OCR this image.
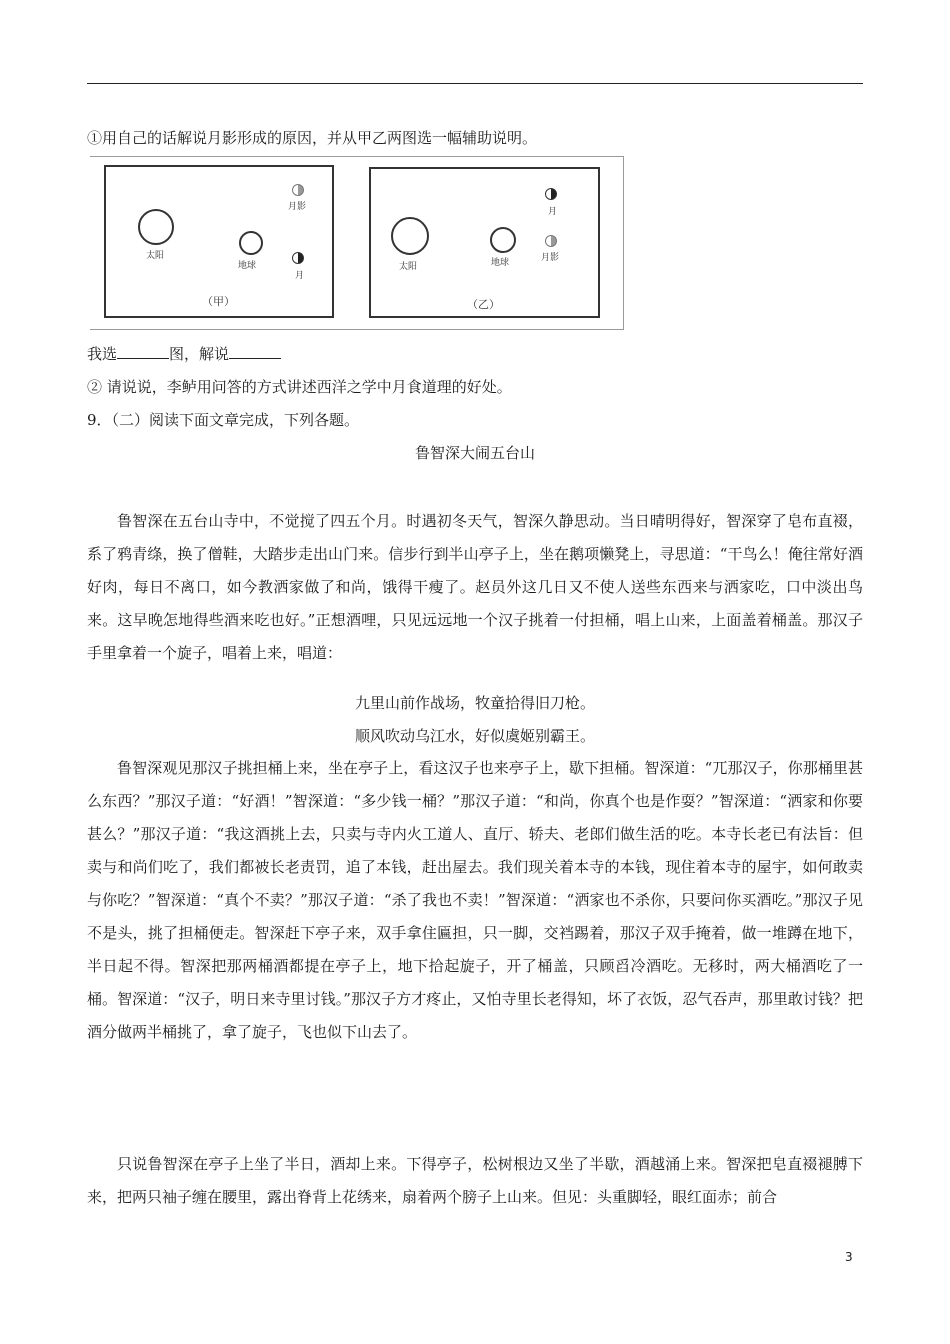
①用自己的话解说月影形成的原因，并从甲乙两图选一幅辅助说明。
太阳
地球
月影
月
（甲）
太阳	地球
月
月影
（乙）
我选	图，解说
② 请说说，李鲈用问答的方式讲述西洋之学中月食道理的好处。
9．（二）阅读下面文章完成，下列各题。
鲁智深大闹五台山

鲁智深在五台山寺中，不觉搅了四五个月。时遇初冬天气，智深久静思动。当日晴明得好，智深穿了皂布直裰，系了鸦青绦，换了僧鞋，大踏步走出山门来。信步行到半山亭子上，坐在鹅项懒凳上，寻思道：“干鸟么！俺往常好酒好肉，每日不离口，如今教洒家做了和尚，饿得干瘦了。赵员外这几日又不使人送些东西来与洒家吃，口中淡出鸟来。这早晚怎地得些酒来吃也好。”正想酒哩，只见远远地一个汉子挑着一付担桶，唱上山来，上面盖着桶盖。那汉子手里拿着一个旋子，唱着上来，唱道：

九里山前作战场，牧童拾得旧刀枪。
顺风吹动乌江水，好似虞姬别霸王。

鲁智深观见那汉子挑担桶上来，坐在亭子上，看这汉子也来亭子上，歇下担桶。智深道：“兀那汉子，你那桶里甚么东西？”那汉子道：“好酒！”智深道：“多少钱一桶？”那汉子道：“和尚，你真个也是作耍？”智深道：“洒家和你要甚么？”那汉子道：“我这酒挑上去，只卖与寺内火工道人、直厅、轿夫、老郎们做生活的吃。本寺长老已有法旨：但卖与和尚们吃了，我们都被长老责罚，追了本钱，赶出屋去。我们现关着本寺的本钱，现住着本寺的屋宇，如何敢卖与你吃？”智深道：“真个不卖？”那汉子道：“杀了我也不卖！”智深道：“洒家也不杀你，只要问你买酒吃。”那汉子见不是头，挑了担桶便走。智深赶下亭子来，双手拿住匾担，只一脚，交裆踢着，那汉子双手掩着，做一堆蹲在地下，半日起不得。智深把那两桶酒都提在亭子上，地下拾起旋子，开了桶盖，只顾舀冷酒吃。无移时，两大桶酒吃了一桶。智深道：“汉子，明日来寺里讨钱。”那汉子方才疼止，又怕寺里长老得知，坏了衣饭，忍气吞声，那里敢讨钱？把酒分做两半桶挑了，拿了旋子，飞也似下山去了。

只说鲁智深在亭子上坐了半日，酒却上来。下得亭子，松树根边又坐了半歇，酒越涌上来。智深把皂直裰褪膊下来，把两只袖子缠在腰里，露出脊背上花绣来，扇着两个膀子上山来。但见：头重脚轻，眼红面赤；前合

3
